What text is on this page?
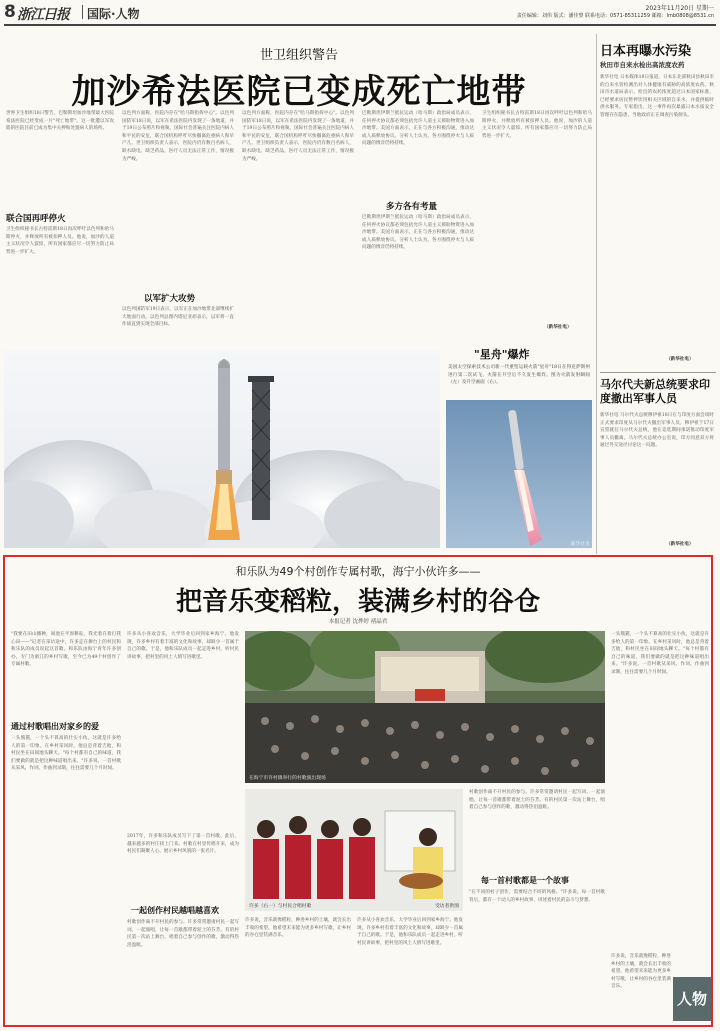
8 浙江日报 国际·人物	2023年11月20日 星期一
责任编辑：刘伟 版式：潘佳黎 联系电话：0571-85311259 邮箱：lmb0808@8531.cn
世卫组织警告
加沙希法医院已变成死亡地带
世界卫生组织18日警告，巴勒斯坦加沙地带最大医院希法医院已经变成一片"死亡地带"。这一批遭以军攻陷的医院目前已成为集中关押和处置病人的场所。
联合国再呼停火
卫生组织秘书长古特雷斯18日再次呼吁以色列和哈马斯停火，并释放所有被扣押人员。他说，加沙的人道主义状况令人震惊，所有国家都应尽一切努力防止局势进一步扩大。
以色列方面称，医院内存在"哈马斯指挥中心"。以色列国防军18日说，以军在希法医院内发现了一条地道，并于19日公布照片和视频。国际社会普遍关注医院内病人和平民的安危，联合国机构呼吁尽快撤离危重病人和早产儿。世卫组织负责人表示，医院内仍有数百名病人，缺水缺电、缺乏药品，医疗人员无法正常工作，情况极为严峻。
以军扩大攻势
以色列国防军19日表示，以军正在加沙地带北部继续扩大地面行动。以色列总理内塔尼亚胡表示，以军将一直作战直到实现全部目标。
以色列方面称，医院内存在"哈马斯指挥中心"。以色列国防军18日说，以军在希法医院内发现了一条地道，并于19日公布照片和视频。国际社会普遍关注医院内病人和平民的安危，联合国机构呼吁尽快撤离危重病人和早产儿。世卫组织负责人表示，医院内仍有数百名病人，缺水缺电、缺乏药品，医疗人员无法正常工作，情况极为严峻。
巴勒斯坦伊斯兰抵抗运动（哈马斯）政治局成员表示，任何停火协议都必须包括允许人道主义援助物资进入加沙地带。美国方面表示，正在与各方积极沟通，推动达成人质释放协议。分析人士认为，各方围绕停火与人质问题的博弈仍将持续。
多方各有考量
巴勒斯坦伊斯兰抵抗运动（哈马斯）政治局成员表示，任何停火协议都必须包括允许人道主义援助物资进入加沙地带。美国方面表示，正在与各方积极沟通，推动达成人质释放协议。分析人士认为，各方围绕停火与人质问题的博弈仍将持续。
卫生组织秘书长古特雷斯18日再次呼吁以色列和哈马斯停火，并释放所有被扣押人员。他说，加沙的人道主义状况令人震惊，所有国家都应尽一切努力防止局势进一步扩大。
（新华社电）
"星舟"爆炸
美国太空探索技术公司新一代重型运载火箭"星舟"18日在得克萨斯州进行第二次试飞，火箭在升空后不久发生爆炸。图为火箭发射瞬间（左）及升空画面（右）。
新华社发
日本再曝水污染
秋田市自来水检出高浓度农药
新华社电 日本媒体19日报道，日本东北部秋田县秋田市的自来水管检测出对人体健康有威胁的高浓度农药。秋田市水道局表示，检出的农药浓度超过日本国家标准，已经要求居民暂停饮用相关区域的自来水，并提供临时供水服务。专家指出，这一事件再次暴露日本水质安全管理存在隐患，当地政府正在调查污染源头。
（新华社电）
马尔代夫新总统要求印度撤出军事人员
新华社电 马尔代夫总统穆伊祖18日在与印度方面会谈时正式要求印度从马尔代夫撤出军事人员。穆伊祖于17日宣誓就任马尔代夫总统，他在竞选期间承诺推动印度军事人员撤离。马尔代夫总统办公室说，印方同意双方将通过外交途径讨论这一问题。
（新华社电）
和乐队为49个村创作专属村歌，海宁小伙许多——
把音乐变稻粒，装满乡村的谷仓
本报记者 沈烨婷 褚晶君
"我要在田山播种，间池在平原耕耘，我光着在着打我心田——"记者在采访途中，许多走在舞台上的村民和和乐队的成员说起这首歌。和乐队由海宁青年许多创办，专门为浙江的乡村写歌，至今已为49个村创作了专属村歌。
通过村歌唱出对家乡的爱
一头熊猫，一个头不算高的壮实小伙，这就是许多给人的第一印象。在乡村采风时，他总是背着吉他，和村民坐在田间地头聊天。"每个村都有自己的味道，我们要做的就是把这种味道唱出来。"许多说。一首村歌从采风、作词、作曲到录制，往往需要几个月时间。
许多从小喜欢音乐，大学毕业后回到家乡海宁。他发现，许多乡村有着丰富的文化和故事，却缺少一首属于自己的歌。于是，他和乐队成员一起走进乡村，听村民讲故事，把村里的风土人情写进歌里。
2017年，许多和乐队成员写下了第一首村歌。此后，越来越多的村庄找上门来。村歌在村里传唱开来，成为村民们凝聚人心、展示乡村风貌的一张名片。
一起创作村民越唱越喜欢
村歌创作离不开村民的参与。许多常常邀请村民一起写词、一起演唱，让每一首歌都带着泥土的芬芳。有的村民第一次站上舞台，唱着自己参与创作的歌，激动得热泪盈眶。
在海宁市许村镇举行的村歌演出现场
许多（右一）与村民合唱村歌	受访者供图
许多说，音乐就像稻粒，种进乡村的土壤，就会长出丰收的希望。他希望未来能为更多乡村写歌，让乡村的谷仓里装满音乐。
许多从小喜欢音乐，大学毕业后回到家乡海宁。他发现，许多乡村有着丰富的文化和故事，却缺少一首属于自己的歌。于是，他和乐队成员一起走进乡村，听村民讲故事，把村里的风土人情写进歌里。
村歌创作离不开村民的参与。许多常常邀请村民一起写词、一起演唱，让每一首歌都带着泥土的芬芳。有的村民第一次站上舞台，唱着自己参与创作的歌，激动得热泪盈眶。
每一首村歌都是一个故事
"在不同的村子创作，需要结合不同的风格。"许多说。每一首村歌背后，都有一个动人的乡村故事，讲述着村民的奋斗与梦想。
一头熊猫，一个头不算高的壮实小伙，这就是许多给人的第一印象。在乡村采风时，他总是背着吉他，和村民坐在田间地头聊天。"每个村都有自己的味道，我们要做的就是把这种味道唱出来。"许多说。一首村歌从采风、作词、作曲到录制，往往需要几个月时间。
许多说，音乐就像稻粒，种进乡村的土壤，就会长出丰收的希望。他希望未来能为更多乡村写歌，让乡村的谷仓里装满音乐。
人物
